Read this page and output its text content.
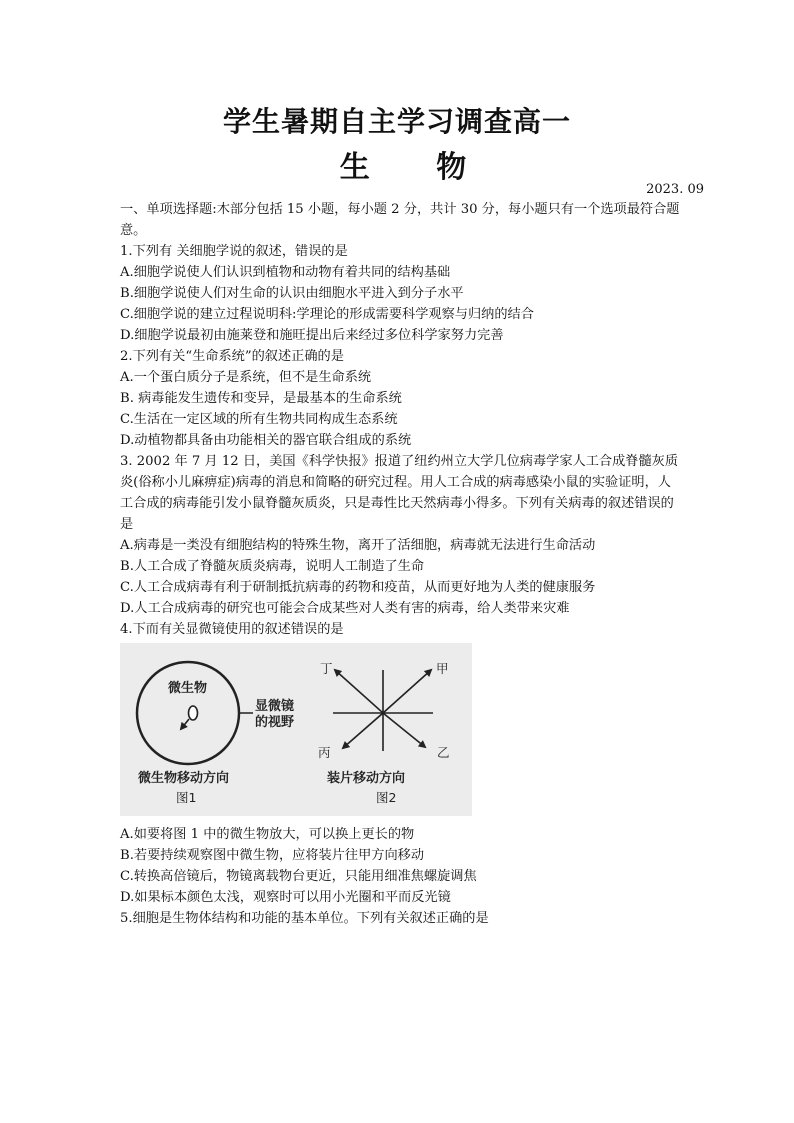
学生暑期自主学习调查高一
生 物
2023. 09

一、单项选择题:木部分包括 15 小题，每小题 2 分，共计 30 分，每小题只有一个选项最符合题意。

1.下列有 关细胞学说的叙述，错误的是

A.细胞学说使人们认识到植物和动物有着共同的结构基础

B.细胞学说使人们对生命的认识由细胞水平进入到分子水平

C.细胞学说的建立过程说明科:学理论的形成需要科学观察与归纳的结合

D.细胞学说最初由施莱登和施旺提出后来经过多位科学家努力完善

2.下列有关“生命系统”的叙述正确的是

A.一个蛋白质分子是系统，但不是生命系统

B. 病毒能发生遗传和变异，是最基本的生命系统

C.生活在一定区域的所有生物共同构成生态系统

D.动植物都具备由功能相关的器官联合组成的系统

3. 2002 年 7 月 12 日，美国《科学快报》报道了纽约州立大学几位病毒学家人工合成脊髓灰质炎(俗称小儿麻痹症)病毒的消息和简略的研究过程。用人工合成的病毒感染小鼠的实验证明，人工合成的病毒能引发小鼠脊髓灰质炎，只是毒性比天然病毒小得多。下列有关病毒的叙述错误的是

A.病毒是一类没有细胞结构的特殊生物，离开了活细胞，病毒就无法进行生命活动

B.人工合成了脊髓灰质炎病毒，说明人工制造了生命

C.人工合成病毒有利于研制抵抗病毒的药物和疫苗，从而更好地为人类的健康服务

D.人工合成病毒的研究也可能会合成某些对人类有害的病毒，给人类带来灾难

4.下而有关显微镜使用的叙述错误的是

微生物
显微镜
的视野
微生物移动方向
图1
丁	甲
丙	乙
装片移动方向
图2

A.如要将图 1 中的微生物放大，可以换上更长的物

B.若要持续观察图中微生物，应将装片往甲方向移动

C.转换高倍镜后，物镜离载物台更近，只能用细准焦螺旋调焦

D.如果标本颜色太浅，观察时可以用小光圈和平而反光镜

5.细胞是生物体结构和功能的基本单位。下列有关叙述正确的是
